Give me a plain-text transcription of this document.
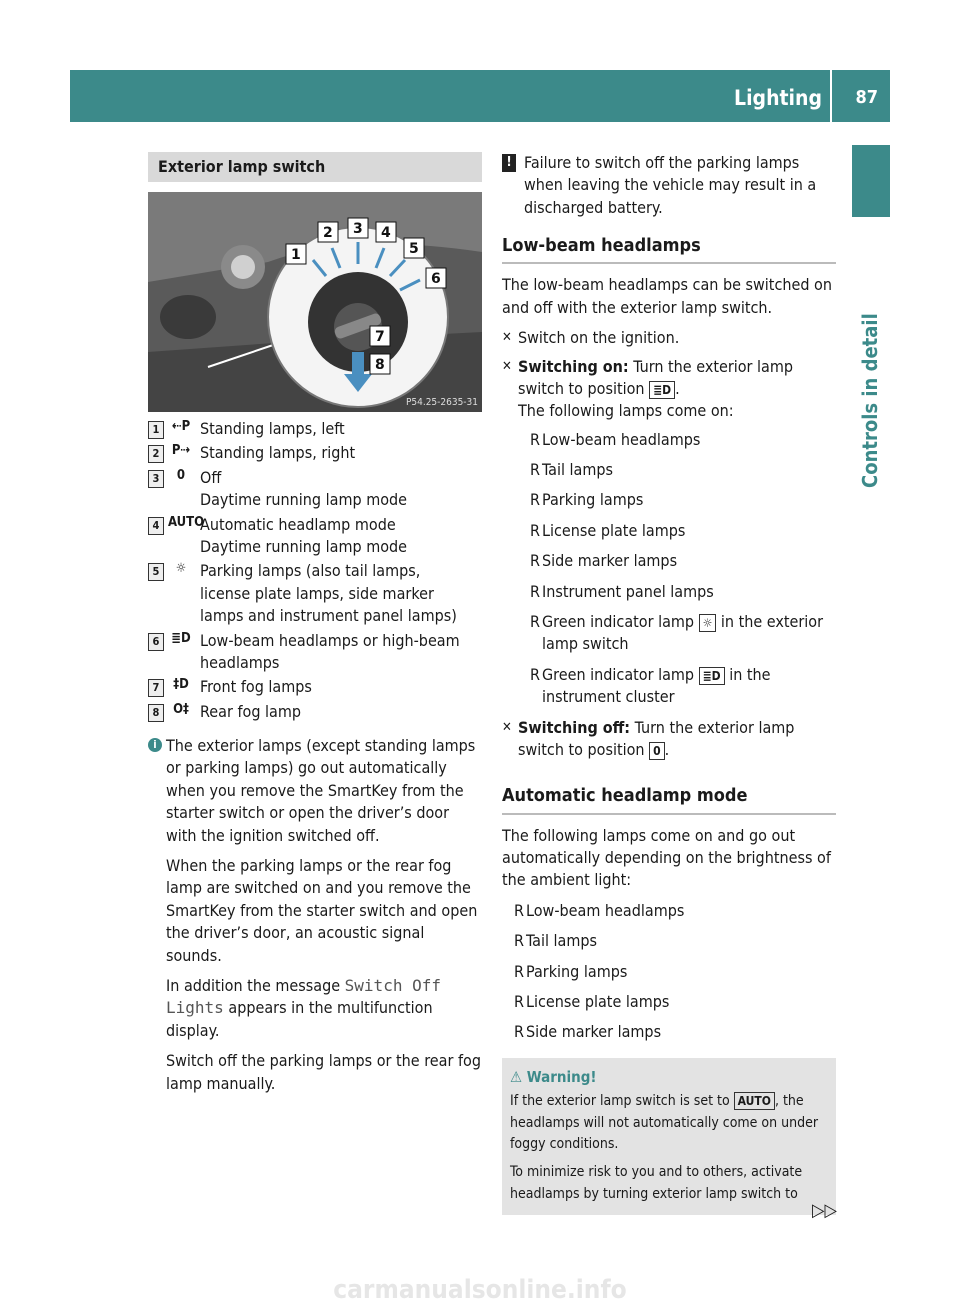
Lighting 87
Controls in detail
Exterior lamp switch
1
2 3 4
5
6
7
8
P54.25-2635-31
1 ⇠P Standing lamps, left
2 P⇢ Standing lamps, right
3	0 Off
Daytime running lamp mode
4 AUTO
Automatic headlamp mode
Daytime running lamp mode
5	☼ Parking lamps (also tail lamps,
license plate lamps, side marker
lamps and instrument panel lamps)
6 ≣D Low-beam headlamps or high-beam
headlamps
7	‡D Front fog lamps
8	O‡ Rear fog lamp
i The exterior lamps (except standing lamps or parking lamps) go out automatically when you remove the SmartKey from the starter switch or open the driver’s door with the ignition switched off.

When the parking lamps or the rear fog lamp are switched on and you remove the SmartKey from the starter switch and open the driver’s door, an acoustic signal sounds.

In addition the message Switch Off Lights appears in the multifunction display.

Switch off the parking lamps or the rear fog lamp manually.

! Failure to switch off the parking lamps when leaving the vehicle may result in a discharged battery.
Low-beam headlamps

The low-beam headlamps can be switched on and off with the exterior lamp switch.

✕ Switch on the ignition.
✕ Switching on: Turn the exterior lamp switch to position ≣D .
The following lamps come on:
R Low-beam headlamps
R Tail lamps
R Parking lamps
R License plate lamps
R Side marker lamps
R Instrument panel lamps
R Green indicator lamp ☼ in the exterior lamp switch
R Green indicator lamp ≣D in the instrument cluster
✕ Switching off: Turn the exterior lamp switch to position 0 .
Automatic headlamp mode

The following lamps come on and go out automatically depending on the brightness of the ambient light:

R Low-beam headlamps
R Tail lamps
R Parking lamps
R License plate lamps
R Side marker lamps
⚠ Warning!

If the exterior lamp switch is set to AUTO , the headlamps will not automatically come on under foggy conditions.

To minimize risk to you and to others, activate headlamps by turning exterior lamp switch to

▷▷
carmanualsonline.info
